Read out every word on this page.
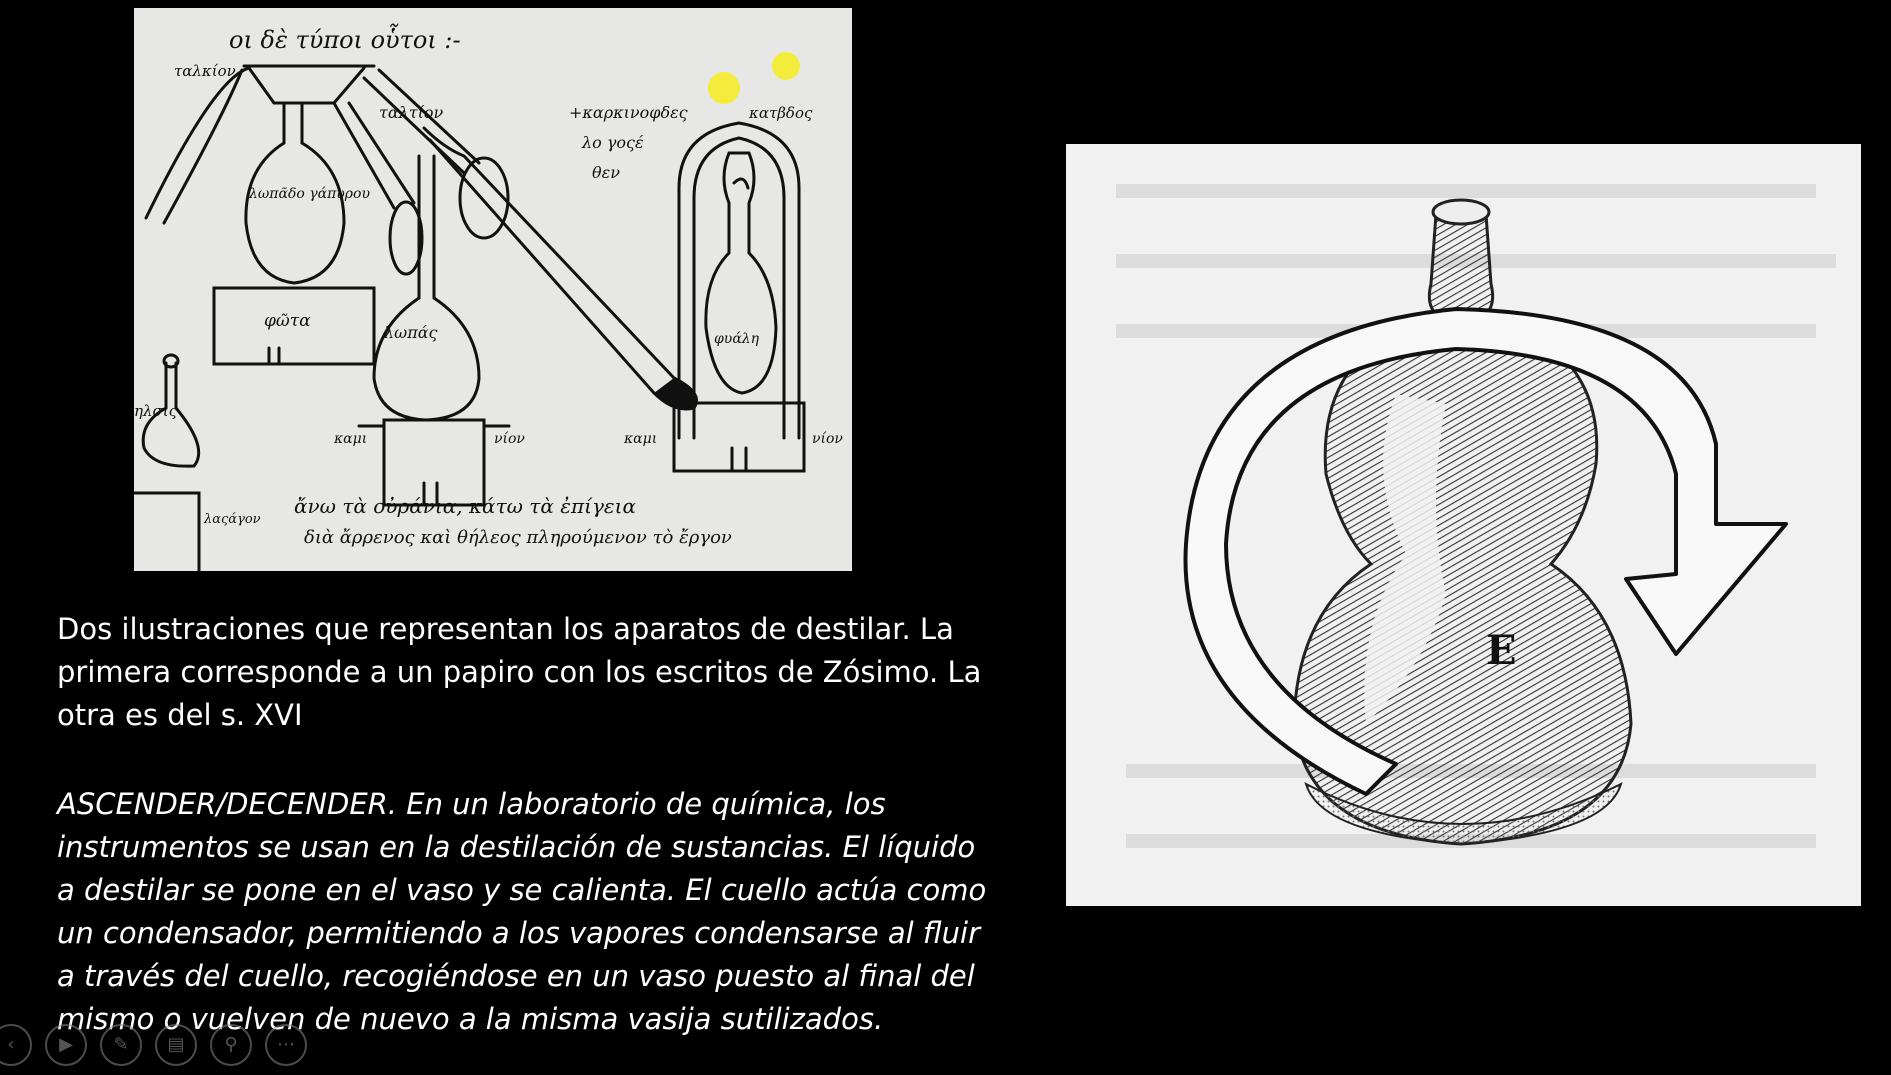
οι δὲ τύποι οὗτοι :-
ταλκίον
ταλτίον	+καρκινοφδες
λο γοςέ
θεν
κατβδος
λωπᾶδο γάπυρου
φῶτα
λωπάς	φυάλη
καμι	νίον	καμι	νίον
ηλσις
λαςάγον
ἄνω τὰ οὐράνια, κάτω τὰ ἐπίγεια
διὰ ἄρρενος καὶ θήλεος πληρούμενον τὸ ἔργον
E

Dos ilustraciones que representan los aparatos de destilar. La primera corresponde a un papiro con los escritos de Zósimo. La otra es del s. XVI

ASCENDER/DECENDER. En un laboratorio de química, los instrumentos se usan en la destilación de sustancias. El líquido a destilar se pone en el vaso y se calienta. El cuello actúa como un condensador, permitiendo a los vapores condensarse al fluir a través del cuello, recogiéndose en un vaso puesto al final del mismo o vuelven de nuevo a la misma vasija sutilizados.

‹ ▶ ✎ ▤ ⚲ ⋯
